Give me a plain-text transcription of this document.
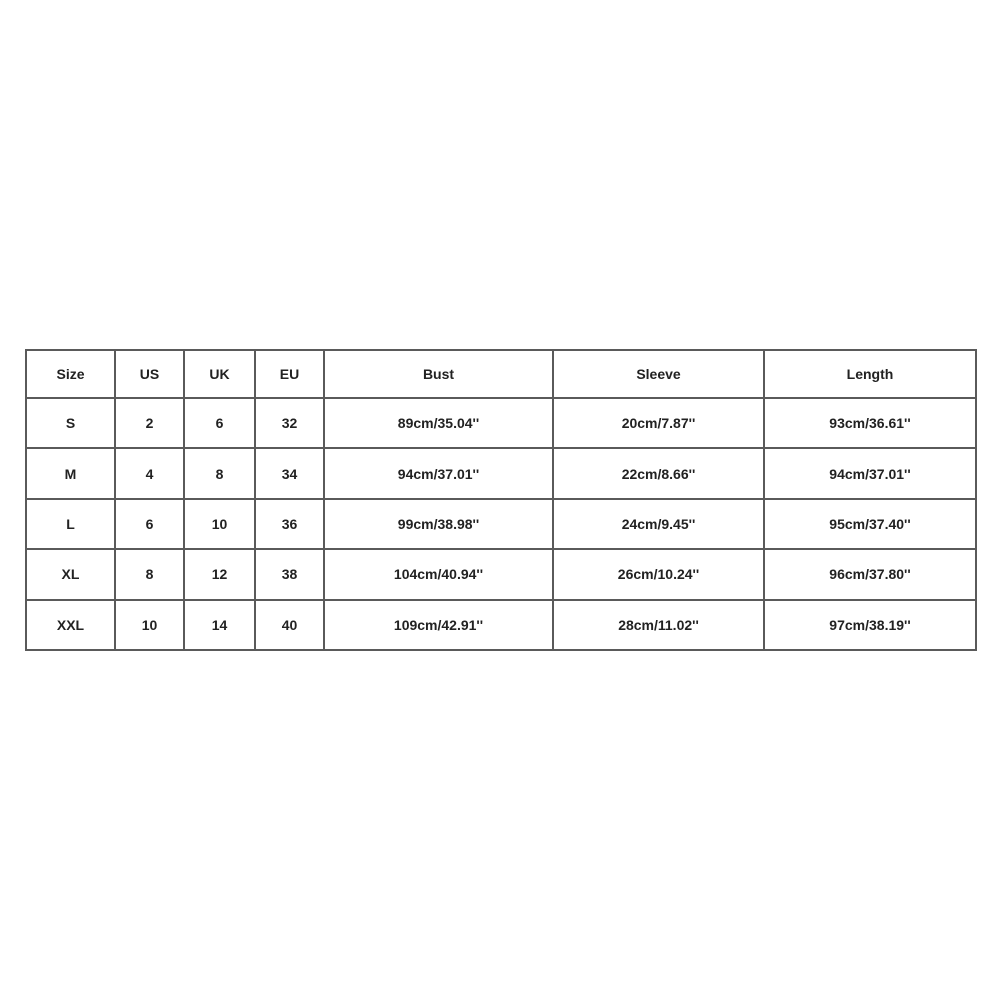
Size	US	UK	EU	Bust	Sleeve	Length
S	2	6	32	89cm/35.04''	20cm/7.87''	93cm/36.61''
M	4	8	34	94cm/37.01''	22cm/8.66''	94cm/37.01''
L	6	10	36	99cm/38.98''	24cm/9.45''	95cm/37.40''
XL	8	12	38	104cm/40.94''	26cm/10.24''	96cm/37.80''
XXL	10	14	40	109cm/42.91''	28cm/11.02''	97cm/38.19''
